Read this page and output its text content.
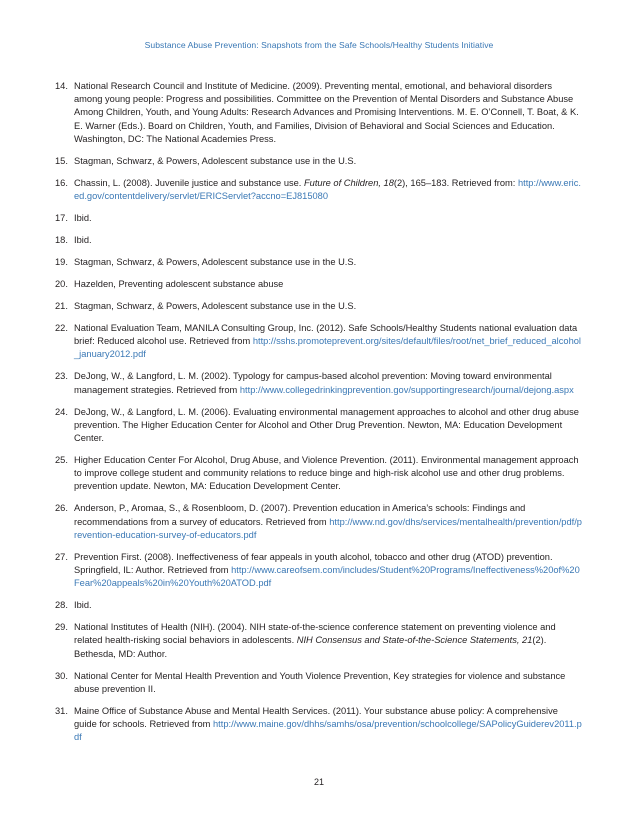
Substance Abuse Prevention: Snapshots from the Safe Schools/Healthy Students Initiative
14. National Research Council and Institute of Medicine. (2009). Preventing mental, emotional, and behavioral disorders among young people: Progress and possibilities. Committee on the Prevention of Mental Disorders and Substance Abuse Among Children, Youth, and Young Adults: Research Advances and Promising Interventions. M. E. O’Connell, T. Boat, & K. E. Warner (Eds.). Board on Children, Youth, and Families, Division of Behavioral and Social Sciences and Education. Washington, DC: The National Academies Press.
15. Stagman, Schwarz, & Powers, Adolescent substance use in the U.S.
16. Chassin, L. (2008). Juvenile justice and substance use. Future of Children, 18(2), 165–183. Retrieved from: http://www.eric.ed.gov/contentdelivery/servlet/ERICServlet?accno=EJ815080
17. Ibid.
18. Ibid.
19. Stagman, Schwarz, & Powers, Adolescent substance use in the U.S.
20. Hazelden, Preventing adolescent substance abuse
21. Stagman, Schwarz, & Powers, Adolescent substance use in the U.S.
22. National Evaluation Team, MANILA Consulting Group, Inc. (2012). Safe Schools/Healthy Students national evaluation data brief: Reduced alcohol use. Retrieved from http://sshs.promoteprevent.org/sites/default/files/root/net_brief_reduced_alcohol_january2012.pdf
23. DeJong, W., & Langford, L. M. (2002). Typology for campus-based alcohol prevention: Moving toward environmental management strategies. Retrieved from http://www.collegedrinkingprevention.gov/supportingresearch/journal/dejong.aspx
24. DeJong, W., & Langford, L. M. (2006). Evaluating environmental management approaches to alcohol and other drug abuse prevention. The Higher Education Center for Alcohol and Other Drug Prevention. Newton, MA: Education Development Center.
25. Higher Education Center For Alcohol, Drug Abuse, and Violence Prevention. (2011). Environmental management approach to improve college student and community relations to reduce binge and high-risk alcohol use and other drug problems. prevention update. Newton, MA: Education Development Center.
26. Anderson, P., Aromaa, S., & Rosenbloom, D. (2007). Prevention education in America’s schools: Findings and recommendations from a survey of educators. Retrieved from http://www.nd.gov/dhs/services/mentalhealth/prevention/pdf/prevention-education-survey-of-educators.pdf
27. Prevention First. (2008). Ineffectiveness of fear appeals in youth alcohol, tobacco and other drug (ATOD) prevention. Springfield, IL: Author. Retrieved from http://www.careofsem.com/includes/Student%20Programs/Ineffectiveness%20of%20Fear%20appeals%20in%20Youth%20ATOD.pdf
28. Ibid.
29. National Institutes of Health (NIH). (2004). NIH state-of-the-science conference statement on preventing violence and related health-risking social behaviors in adolescents. NIH Consensus and State-of-the-Science Statements, 21(2). Bethesda, MD: Author.
30. National Center for Mental Health Prevention and Youth Violence Prevention, Key strategies for violence and substance abuse prevention II.
31. Maine Office of Substance Abuse and Mental Health Services. (2011). Your substance abuse policy: A comprehensive guide for schools. Retrieved from http://www.maine.gov/dhhs/samhs/osa/prevention/schoolcollege/SAPolicyGuiderev2011.pdf
21
